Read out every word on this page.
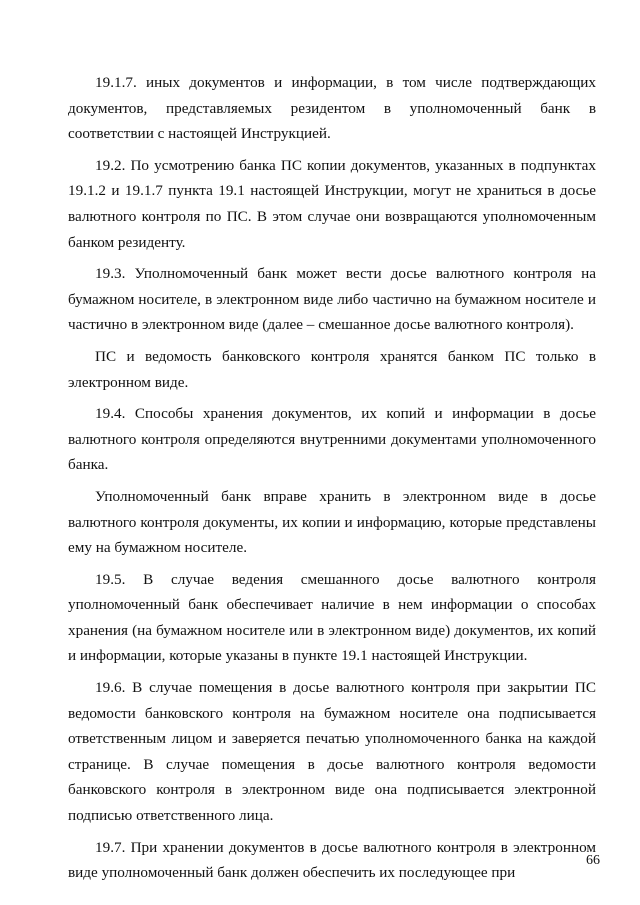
19.1.7. иных документов и информации, в том числе подтверждающих документов, представляемых резидентом в уполномоченный банк в соответствии с настоящей Инструкцией.

19.2. По усмотрению банка ПС копии документов, указанных в подпунктах 19.1.2 и 19.1.7 пункта 19.1 настоящей Инструкции, могут не храниться в досье валютного контроля по ПС. В этом случае они возвращаются уполномоченным банком резиденту.

19.3. Уполномоченный банк может вести досье валютного контроля на бумажном носителе, в электронном виде либо частично на бумажном носителе и частично в электронном виде (далее – смешанное досье валютного контроля).

ПС и ведомость банковского контроля хранятся банком ПС только в электронном виде.

19.4. Способы хранения документов, их копий и информации в досье валютного контроля определяются внутренними документами уполномоченного банка.

Уполномоченный банк вправе хранить в электронном виде в досье валютного контроля документы, их копии и информацию, которые представлены ему на бумажном носителе.

19.5. В случае ведения смешанного досье валютного контроля уполномоченный банк обеспечивает наличие в нем информации о способах хранения (на бумажном носителе или в электронном виде) документов, их копий и информации, которые указаны в пункте 19.1 настоящей Инструкции.

19.6. В случае помещения в досье валютного контроля при закрытии ПС ведомости банковского контроля на бумажном носителе она подписывается ответственным лицом и заверяется печатью уполномоченного банка на каждой странице. В случае помещения в досье валютного контроля ведомости банковского контроля в электронном виде она подписывается электронной подписью ответственного лица.

19.7. При хранении документов в досье валютного контроля в электронном виде уполномоченный банк должен обеспечить их последующее при

66
